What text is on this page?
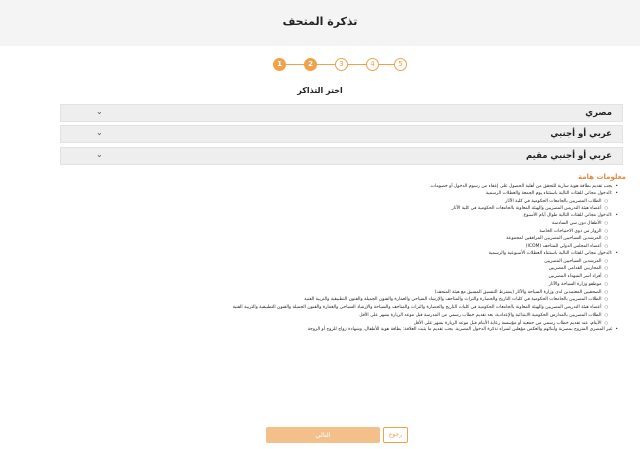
تذكرة المتحف
1	2	3	4	5
اختر التذاكر
مصري
⌄
عربي أو أجنبي
⌄
عربي أو أجنبي مقيم
⌄
معلومات هامة
• يجب تقديم بطاقة هوية سارية للتحقق من أهلية الحصول على إعفاء من رسوم الدخول أو خصومات.
• :الدخول مجاني للفئات التالية باستثناء يوم الجمعة والعطلات الرسمية
○ الطلاب المصريين بالجامعات الحكومية في كلية الآثار
○ أعضاء هيئة التدريس المصريين والهيئة المعاونة بالجامعات الحكومية في كلية الآثار
• :الدخول مجاني للفئات التالية طوال أيام الأسبوع
○ الأطفال دون سن السادسة
○ الزوار من ذوي الاحتياجات الخاصة
○ المرشدين السياحيين المصريين المرافقين لمجموعة
○ أعضاء المجلس الدولي للمتاحف (ICOM)
• :الدخول مجاني للفئات التالية باستثناء العطلات الأسبوعية والرسمية
○ المرشدين السياحيين المصريين
○ المحاربين القدامى المصريين
○ أفراد أسر الشهداء المصريين
○ موظفو وزارة السياحة والآثار
○ الصحفيين المعتمدين لدى وزارة السياحة والآثار (يشترط التنسيق المسبق مع هيئة المتحف)
○ الطلاب المصريين بالجامعات الحكومية في كليات التاريخ والحضارة والتراث والمتاحف والإرشاد السياحي والعمارة والفنون الجميلة والفنون التطبيقية والتربية الفنية
○ أعضاء هيئة التدريس المصريين والهيئة المعاونة بالجامعات الحكومية في كليات التاريخ والحضارة والتراث والمتاحف والسياحة والإرشاد السياحي والعمارة والفنون الجميلة والفنون التطبيقية والتربية الفنية
○ الطلاب المصريين بالمدارس الحكومية الابتدائية والإعدادية، بعد تقديم خطاب رسمي من المدرسة قبل موعد الزيارة بشهر على الأقل
○ الأيتام، عند تقديم خطاب رسمي من جمعية أو مؤسسة رعاية الأيتام قبل موعد الزيارة بشهر على الأقل
• غير المصري المتزوج بمصرية وأبنائهم والعكس مؤهلين لشراء تذكرة الدخول المصرية. يجب تقديم ما يثبت العلاقة: بطاقة هوية للأطفال، وشهادة زواج للزوج أو الزوجة
التالي	رجوع
